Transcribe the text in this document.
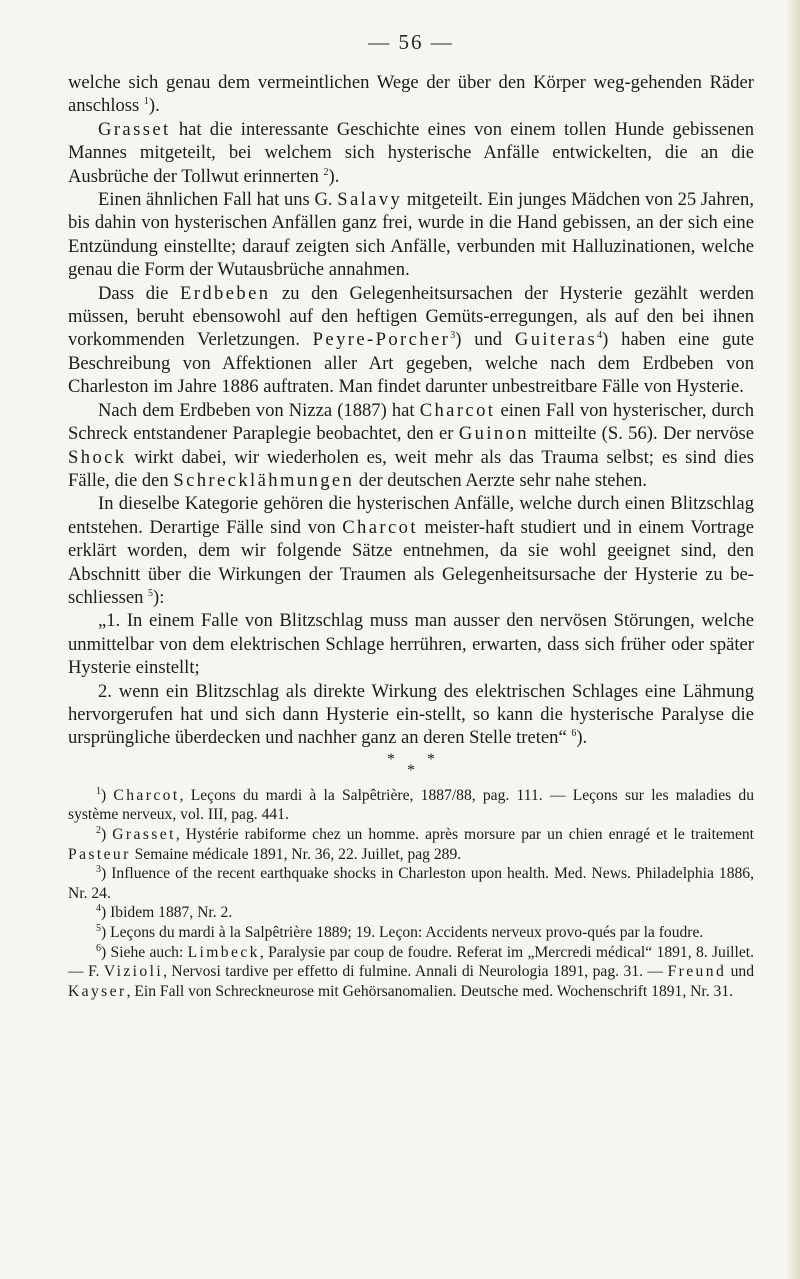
— 56 —

welche sich genau dem vermeintlichen Wege der über den Körper weg-gehenden Räder anschloss $^1$).

Grasset hat die interessante Geschichte eines von einem tollen Hunde gebissenen Mannes mitgeteilt, bei welchem sich hysterische Anfälle entwickelten, die an die Ausbrüche der Tollwut erinnerten $^2$).

Einen ähnlichen Fall hat uns G. Salavy mitgeteilt. Ein junges Mädchen von 25 Jahren, bis dahin von hysterischen Anfällen ganz frei, wurde in die Hand gebissen, an der sich eine Entzündung einstellte; darauf zeigten sich Anfälle, verbunden mit Halluzinationen, welche genau die Form der Wutausbrüche annahmen.

Dass die Erdbeben zu den Gelegenheitsursachen der Hysterie gezählt werden müssen, beruht ebensowohl auf den heftigen Gemüts-erregungen, als auf den bei ihnen vorkommenden Verletzungen. Peyre-Porcher$^3$) und Guiteras$^4$) haben eine gute Beschreibung von Affektionen aller Art gegeben, welche nach dem Erdbeben von Charleston im Jahre 1886 auftraten. Man findet darunter unbestreitbare Fälle von Hysterie.

Nach dem Erdbeben von Nizza (1887) hat Charcot einen Fall von hysterischer, durch Schreck entstandener Paraplegie beobachtet, den er Guinon mitteilte (S. 56). Der nervöse Shock wirkt dabei, wir wiederholen es, weit mehr als das Trauma selbst; es sind dies Fälle, die den Schrecklähmungen der deutschen Aerzte sehr nahe stehen.

In dieselbe Kategorie gehören die hysterischen Anfälle, welche durch einen Blitzschlag entstehen. Derartige Fälle sind von Charcot meister-haft studiert und in einem Vortrage erklärt worden, dem wir folgende Sätze entnehmen, da sie wohl geeignet sind, den Abschnitt über die Wirkungen der Traumen als Gelegenheitsursache der Hysterie zu be-schliessen $^5$):

„1. In einem Falle von Blitzschlag muss man ausser den nervösen Störungen, welche unmittelbar von dem elektrischen Schlage herrühren, erwarten, dass sich früher oder später Hysterie einstellt;

2. wenn ein Blitzschlag als direkte Wirkung des elektrischen Schlages eine Lähmung hervorgerufen hat und sich dann Hysterie ein-stellt, so kann die hysterische Paralyse die ursprüngliche überdecken und nachher ganz an deren Stelle treten“ $^6$).

* *
*

$^1$) Charcot, Leçons du mardi à la Salpêtrière, 1887/88, pag. 111. — Leçons sur les maladies du système nerveux, vol. III, pag. 441.

$^2$) Grasset, Hystérie rabiforme chez un homme. après morsure par un chien enragé et le traitement Pasteur Semaine médicale 1891, Nr. 36, 22. Juillet, pag 289.

$^3$) Influence of the recent earthquake shocks in Charleston upon health. Med. News. Philadelphia 1886, Nr. 24.

$^4$) Ibidem 1887, Nr. 2.

$^5$) Leçons du mardi à la Salpêtrière 1889; 19. Leçon: Accidents nerveux provo-qués par la foudre.

$^6$) Siehe auch: Limbeck, Paralysie par coup de foudre. Referat im „Mercredi médical“ 1891, 8. Juillet. — F. Vizioli, Nervosi tardive per effetto di fulmine. Annali di Neurologia 1891, pag. 31. — Freund und Kayser, Ein Fall von Schreckneurose mit Gehörsanomalien. Deutsche med. Wochenschrift 1891, Nr. 31.
